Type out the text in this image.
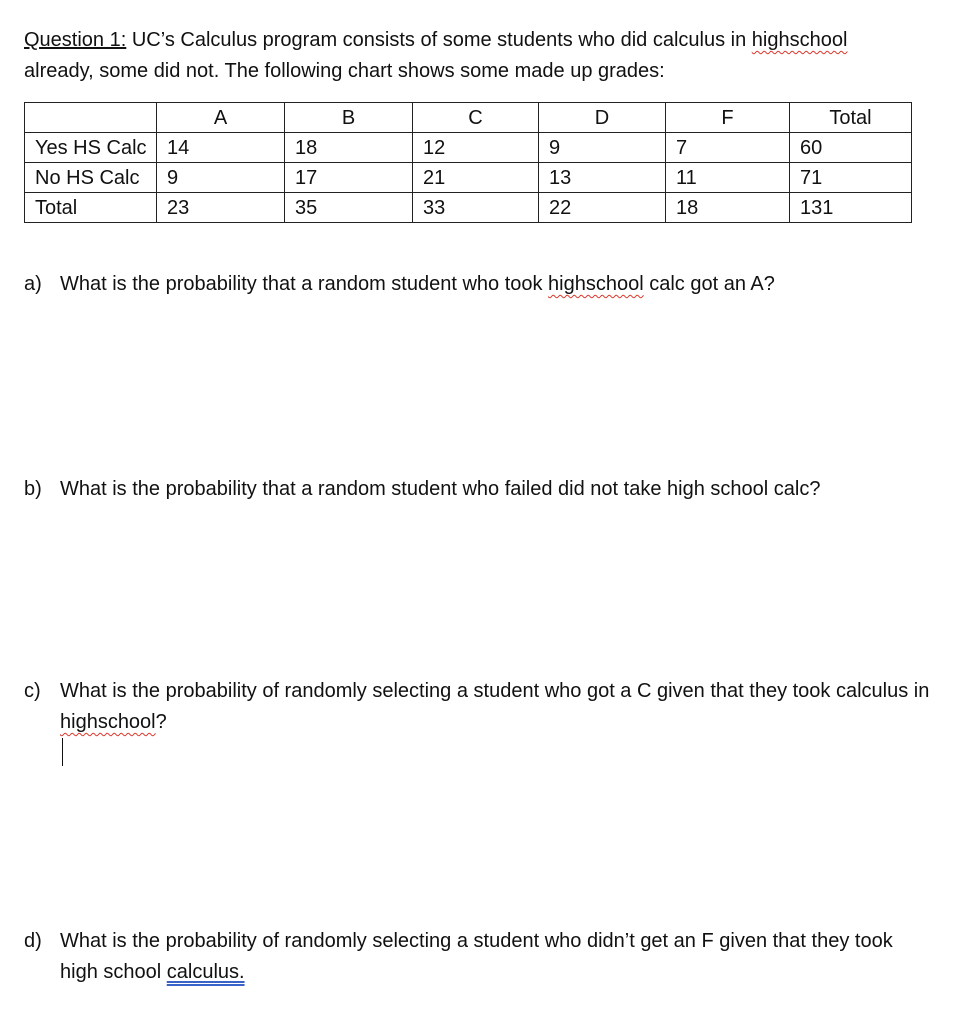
Question 1: UC’s Calculus program consists of some students who did calculus in highschool
already, some did not. The following chart shows some made up grades:
	A	B	C	D	F	Total
Yes HS Calc	14	18	12	9	7	60
No HS Calc	9	17	21	13	11	71
Total	23	35	33	22	18	131
a) What is the probability that a random student who took highschool calc got an A?
b) What is the probability that a random student who failed did not take high school calc?
c) What is the probability of randomly selecting a student who got a C given that they took calculus in highschool?
d) What is the probability of randomly selecting a student who didn’t get an F given that they took high school calculus.
